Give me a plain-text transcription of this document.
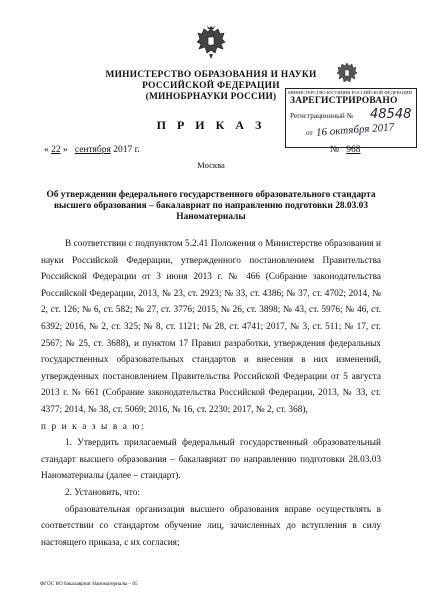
МИНИСТЕРСТВО ОБРАЗОВАНИЯ И НАУКИ
РОССИЙСКОЙ ФЕДЕРАЦИИ
(МИНОБРНАУКИ РОССИИ)	МИНИСТЕРСТВО ЮСТИЦИИ РОССИЙСКОЙ ФЕДЕРАЦИИ
ЗАРЕГИСТРИРОВАНО
Регистрационный № 48548
от 16 октября 2017
П Р И К А З
« 22 » сентября 2017 г.	№ 968
Москва
Об утверждении федерального государственного образовательного стандарта высшего образования – бакалавриат по направлению подготовки 28.03.03 Наноматериалы

В соответствии с подпунктом 5.2.41 Положения о Министерстве образования и науки Российской Федерации, утвержденного постановлением Правительства Российской Федерации от 3 июня 2013 г. № 466 (Собрание законодательства Российской Федерации, 2013, № 23, ст. 2923; № 33, ст. 4386; № 37, ст. 4702; 2014, № 2, ст. 126; № 6, ст. 582; № 27, ст. 3776; 2015, № 26, ст. 3898; № 43, ст. 5976; № 46, ст. 6392; 2016, № 2, ст. 325; № 8, ст. 1121; № 28, ст. 4741; 2017, № 3, ст. 511; № 17, ст. 2567; № 25, ст. 3688), и пунктом 17 Правил разработки, утверждения федеральных государственных образовательных стандартов и внесения в них изменений, утвержденных постановлением Правительства Российской Федерации от 5 августа 2013 г. № 661 (Собрание законодательства Российской Федерации, 2013, № 33, ст. 4377; 2014, № 38, ст. 5069; 2016, № 16, ст. 2230; 2017, № 2, ст. 368),

п р и к а з ы в а ю:

1. Утвердить прилагаемый федеральный государственный образовательный стандарт высшего образования – бакалавриат по направлению подготовки 28.03.03 Наноматериалы (далее – стандарт).

2. Установить, что:

образовательная организация высшего образования вправе осуществлять в соответствии со стандартом обучение лиц, зачисленных до вступления в силу настоящего приказа, с их согласия;

ФГОС ВО бакалавриат Наноматериалы – 05
